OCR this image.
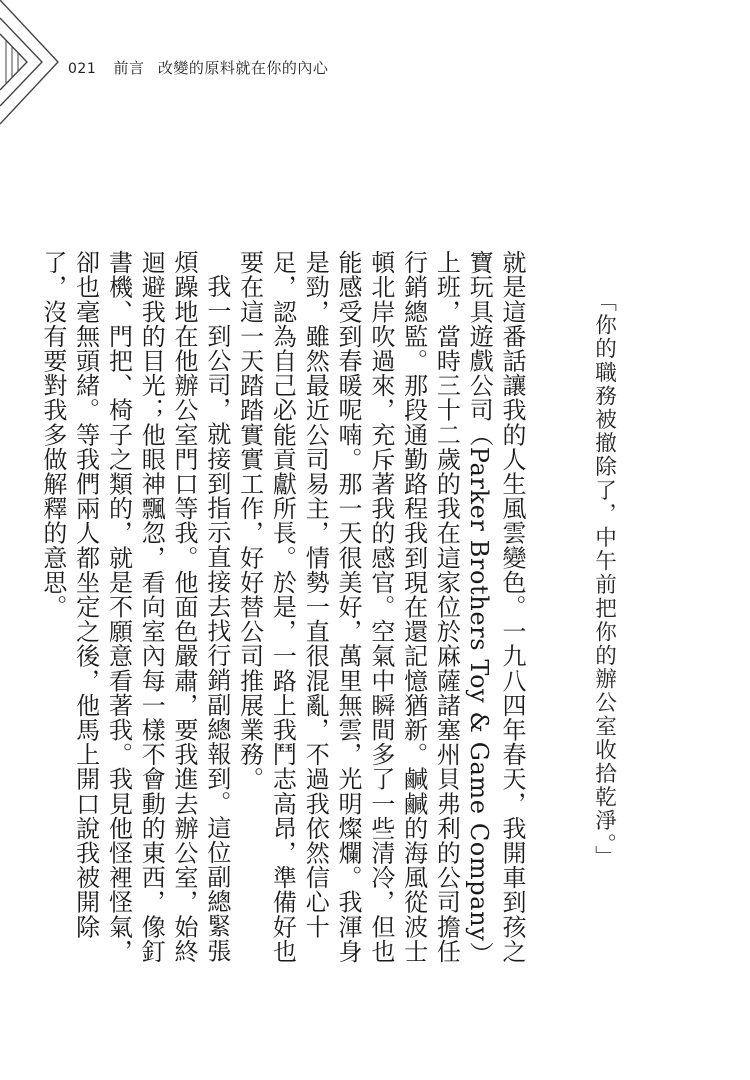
021 前言 改變的原料就在你的內心
「你的職務被撤除了，中午前把你的辦公室收拾乾淨。」

就是這番話讓我的人生風雲變色。一九八四年春天，我開車到孩之寶玩具遊戲公司（Parker Brothers Toy & Game Company）上班，當時三十二歲的我在這家位於麻薩諸塞州貝弗利的公司擔任行銷總監。那段通勤路程我到現在還記憶猶新。鹹鹹的海風從波士頓北岸吹過來，充斥著我的感官。空氣中瞬間多了一些清冷，但也能感受到春暖呢喃。那一天很美好，萬里無雲，光明燦爛。我渾身是勁，雖然最近公司易主，情勢一直很混亂，不過我依然信心十足，認為自己必能貢獻所長。於是，一路上我鬥志高昂，準備好也要在這一天踏踏實實工作，好好替公司推展業務。

我一到公司，就接到指示直接去找行銷副總報到。這位副總緊張煩躁地在他辦公室門口等我。他面色嚴肅，要我進去辦公室，始終迴避我的目光；他眼神飄忽，看向室內每一樣不會動的東西，像釘書機、門把、椅子之類的，就是不願意看著我。我見他怪裡怪氣，卻也毫無頭緒。等我們兩人都坐定之後，他馬上開口說我被開除了，沒有要對我多做解釋的意思。
